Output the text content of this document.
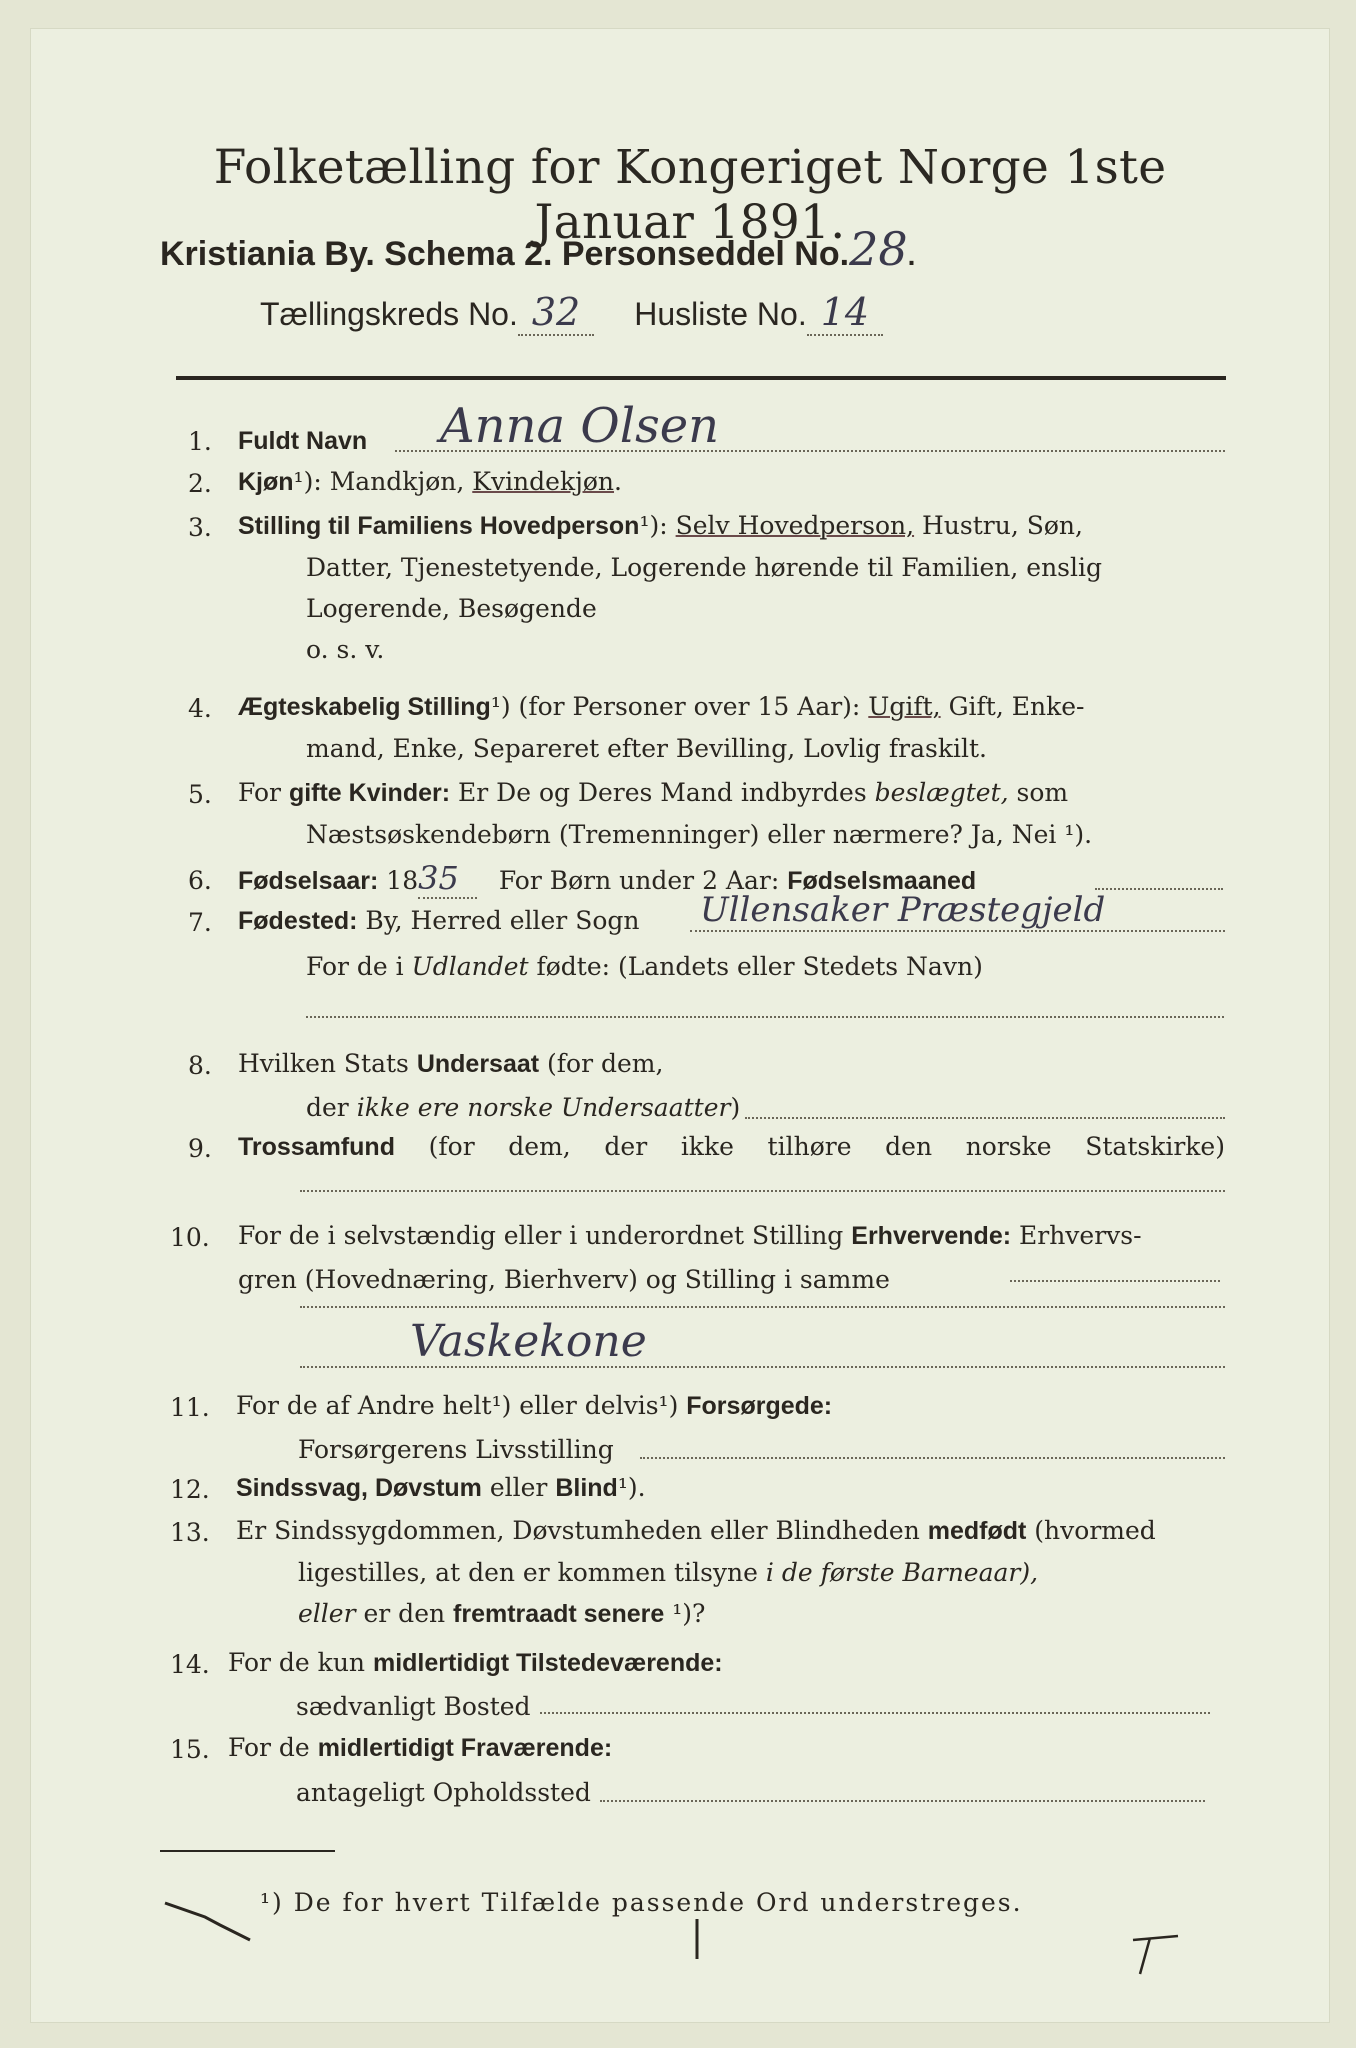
Folketælling for Kongeriget Norge 1ste Januar 1891.
Kristiania By. Schema 2. Personseddel No.28.
Tællingskreds No. 32 Husliste No. 14
1. Fuldt Navn Anna Olsen
2. Kjøn¹): Mandkjøn, Kvindekjøn.
3. Stilling til Familiens Hovedperson¹): Selv Hovedperson, Hustru, Søn,
Datter, Tjenestetyende, Logerende hørende til Familien, enslig
Logerende, Besøgende
o. s. v.
4. Ægteskabelig Stilling¹) (for Personer over 15 Aar): Ugift, Gift, Enke-
mand, Enke, Separeret efter Bevilling, Lovlig fraskilt.
5. For gifte Kvinder: Er De og Deres Mand indbyrdes beslægtet, som
Næstsøskendebørn (Tremenninger) eller nærmere? Ja, Nei ¹).
6. Fødselsaar: 1835 For Børn under 2 Aar: Fødselsmaaned
7. Fødested: By, Herred eller Sogn Ullensaker Præstegjeld
For de i Udlandet fødte: (Landets eller Stedets Navn)
8. Hvilken Stats Undersaat (for dem,
der ikke ere norske Undersaatter)
9. Trossamfund (for dem, der ikke tilhøre den norske Statskirke)
10. For de i selvstændig eller i underordnet Stilling Erhvervende: Erhvervs-
gren (Hovednæring, Bierhverv) og Stilling i samme
Vaskekone
11. For de af Andre helt¹) eller delvis¹) Forsørgede:
Forsørgerens Livsstilling
12. Sindssvag, Døvstum eller Blind¹).
13. Er Sindssygdommen, Døvstumheden eller Blindheden medfødt (hvormed
ligestilles, at den er kommen tilsyne i de første Barneaar),
eller er den fremtraadt senere ¹)?
14. For de kun midlertidigt Tilstedeværende:
sædvanligt Bosted
15. For de midlertidigt Fraværende:
antageligt Opholdssted
¹) De for hvert Tilfælde passende Ord understreges.
